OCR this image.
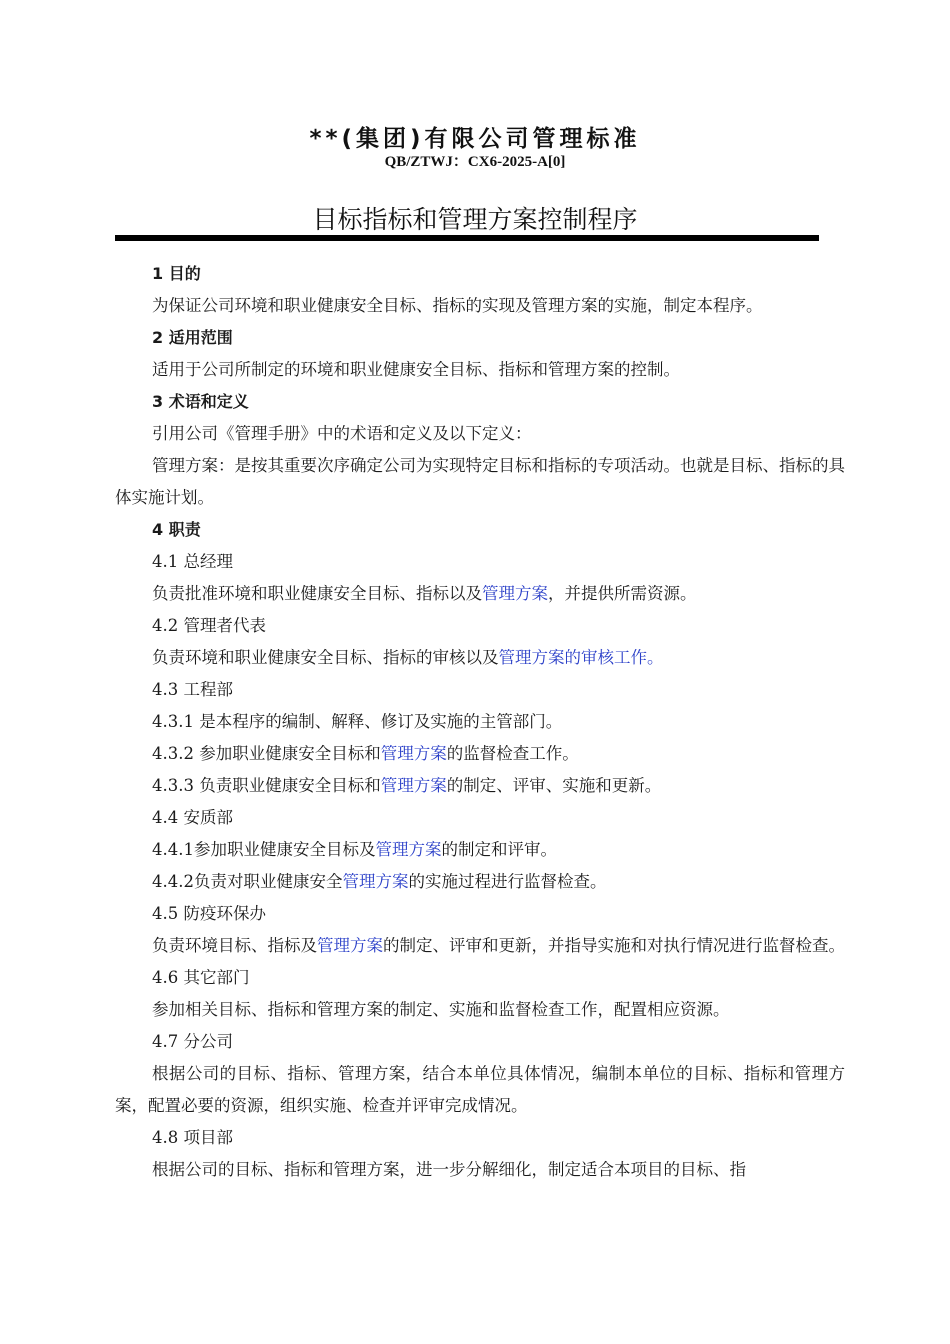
**(集团)有限公司管理标准
QB/ZTWJ：CX6-2025-A[0]
目标指标和管理方案控制程序
1 目的
为保证公司环境和职业健康安全目标、指标的实现及管理方案的实施，制定本程序。
2 适用范围
适用于公司所制定的环境和职业健康安全目标、指标和管理方案的控制。
3 术语和定义
引用公司《管理手册》中的术语和定义及以下定义：
管理方案：是按其重要次序确定公司为实现特定目标和指标的专项活动。也就是目标、指标的具体实施计划。
4 职责
4.1 总经理
负责批准环境和职业健康安全目标、指标以及管理方案，并提供所需资源。
4.2 管理者代表
负责环境和职业健康安全目标、指标的审核以及管理方案的审核工作。
4.3 工程部
4.3.1 是本程序的编制、解释、修订及实施的主管部门。
4.3.2 参加职业健康安全目标和管理方案的监督检查工作。
4.3.3 负责职业健康安全目标和管理方案的制定、评审、实施和更新。
4.4 安质部
4.4.1参加职业健康安全目标及管理方案的制定和评审。
4.4.2负责对职业健康安全管理方案的实施过程进行监督检查。
4.5 防疫环保办
负责环境目标、指标及管理方案的制定、评审和更新，并指导实施和对执行情况进行监督检查。
4.6 其它部门
参加相关目标、指标和管理方案的制定、实施和监督检查工作，配置相应资源。
4.7 分公司
根据公司的目标、指标、管理方案，结合本单位具体情况，编制本单位的目标、指标和管理方案，配置必要的资源，组织实施、检查并评审完成情况。
4.8 项目部
根据公司的目标、指标和管理方案，进一步分解细化，制定适合本项目的目标、指
